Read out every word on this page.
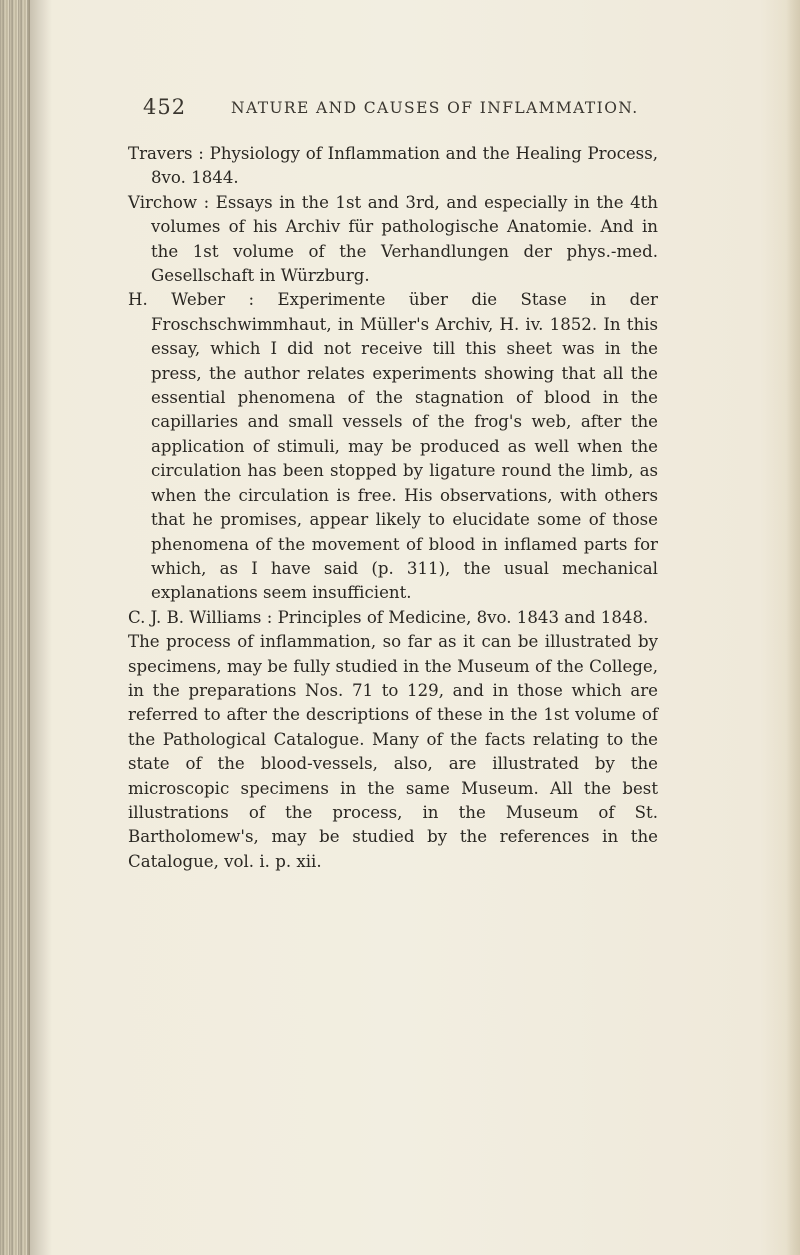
452	NATURE AND CAUSES OF INFLAMMATION.

Travers : Physiology of Inflammation and the Healing Process, 8vo. 1844.

Virchow : Essays in the 1st and 3rd, and especially in the 4th volumes of his Archiv für pathologische Anatomie. And in the 1st volume of the Verhandlungen der phys.-med. Gesellschaft in Würzburg.

H. Weber : Experimente über die Stase in der Froschschwimmhaut, in Müller's Archiv, H. iv. 1852. In this essay, which I did not receive till this sheet was in the press, the author relates experiments showing that all the essential phenomena of the stagnation of blood in the capillaries and small vessels of the frog's web, after the application of stimuli, may be produced as well when the circulation has been stopped by ligature round the limb, as when the circulation is free. His observations, with others that he promises, appear likely to elucidate some of those phenomena of the movement of blood in inflamed parts for which, as I have said (p. 311), the usual mechanical explanations seem insufficient.

C. J. B. Williams : Principles of Medicine, 8vo. 1843 and 1848.

The process of inflammation, so far as it can be illustrated by specimens, may be fully studied in the Museum of the College, in the preparations Nos. 71 to 129, and in those which are referred to after the descriptions of these in the 1st volume of the Pathological Catalogue. Many of the facts relating to the state of the blood-vessels, also, are illustrated by the microscopic specimens in the same Museum. All the best illustrations of the process, in the Museum of St. Bartholomew's, may be studied by the references in the Catalogue, vol. i. p. xii.
